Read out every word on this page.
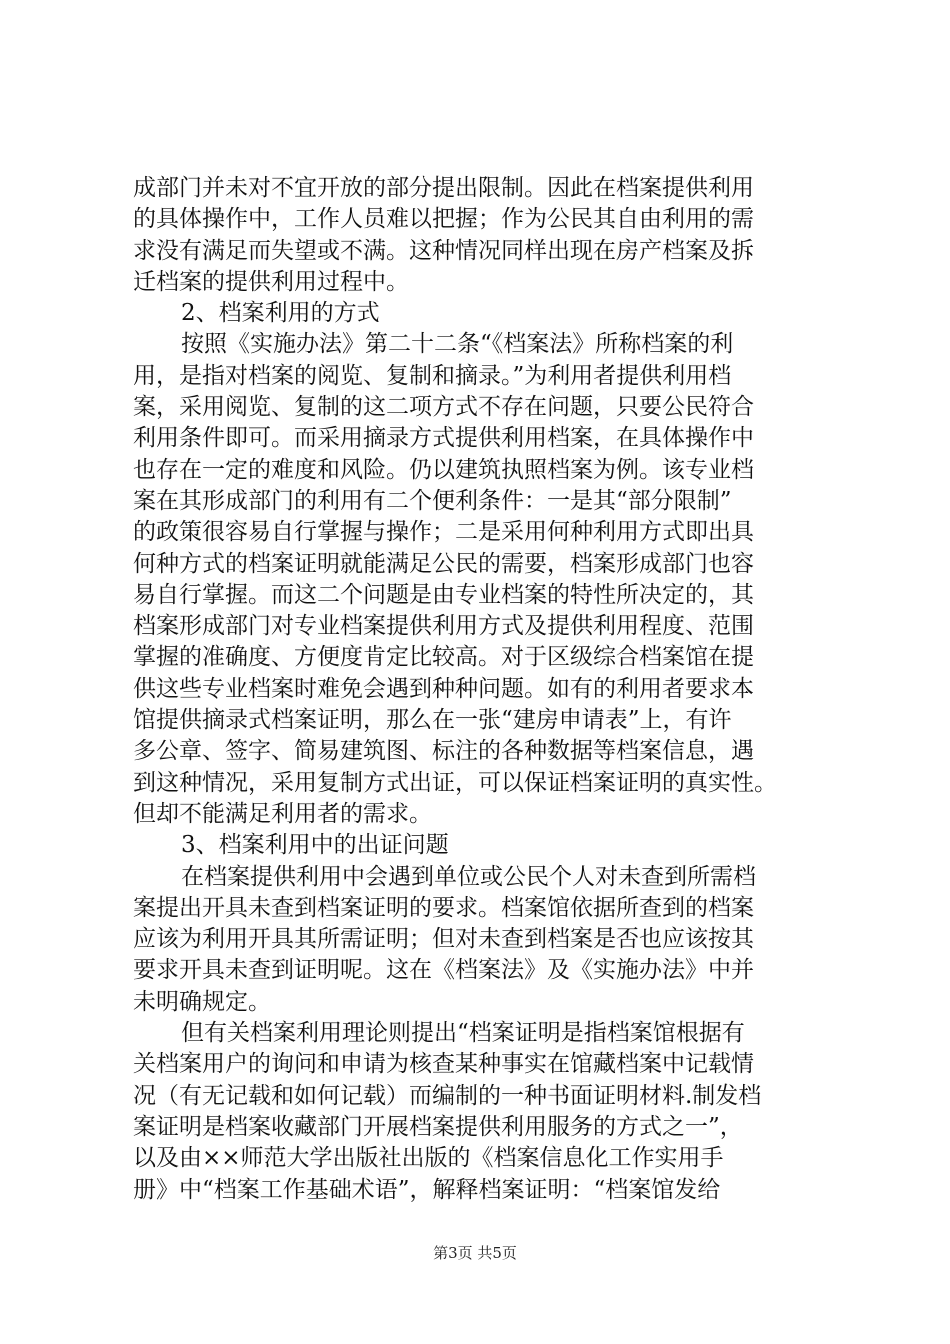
成部门并未对不宜开放的部分提出限制。因此在档案提供利用
的具体操作中，工作人员难以把握；作为公民其自由利用的需
求没有满足而失望或不满。这种情况同样出现在房产档案及拆
迁档案的提供利用过程中。
2、档案利用的方式
按照《实施办法》第二十二条“《档案法》所称档案的利
用，是指对档案的阅览、复制和摘录。”为利用者提供利用档
案，采用阅览、复制的这二项方式不存在问题，只要公民符合
利用条件即可。而采用摘录方式提供利用档案，在具体操作中
也存在一定的难度和风险。仍以建筑执照档案为例。该专业档
案在其形成部门的利用有二个便利条件：一是其“部分限制”
的政策很容易自行掌握与操作；二是采用何种利用方式即出具
何种方式的档案证明就能满足公民的需要，档案形成部门也容
易自行掌握。而这二个问题是由专业档案的特性所决定的，其
档案形成部门对专业档案提供利用方式及提供利用程度、范围
掌握的准确度、方便度肯定比较高。对于区级综合档案馆在提
供这些专业档案时难免会遇到种种问题。如有的利用者要求本
馆提供摘录式档案证明，那么在一张“建房申请表”上，有许
多公章、签字、简易建筑图、标注的各种数据等档案信息，遇
到这种情况，采用复制方式出证，可以保证档案证明的真实性。
但却不能满足利用者的需求。
3、档案利用中的出证问题
在档案提供利用中会遇到单位或公民个人对未查到所需档
案提出开具未查到档案证明的要求。档案馆依据所查到的档案
应该为利用开具其所需证明；但对未查到档案是否也应该按其
要求开具未查到证明呢。这在《档案法》及《实施办法》中并
未明确规定。
但有关档案利用理论则提出“档案证明是指档案馆根据有
关档案用户的询问和申请为核查某种事实在馆藏档案中记载情
况（有无记载和如何记载）而编制的一种书面证明材料.制发档
案证明是档案收藏部门开展档案提供利用服务的方式之一”，
以及由××师范大学出版社出版的《档案信息化工作实用手
册》中“档案工作基础术语”，解释档案证明：“档案馆发给
第3页 共5页
